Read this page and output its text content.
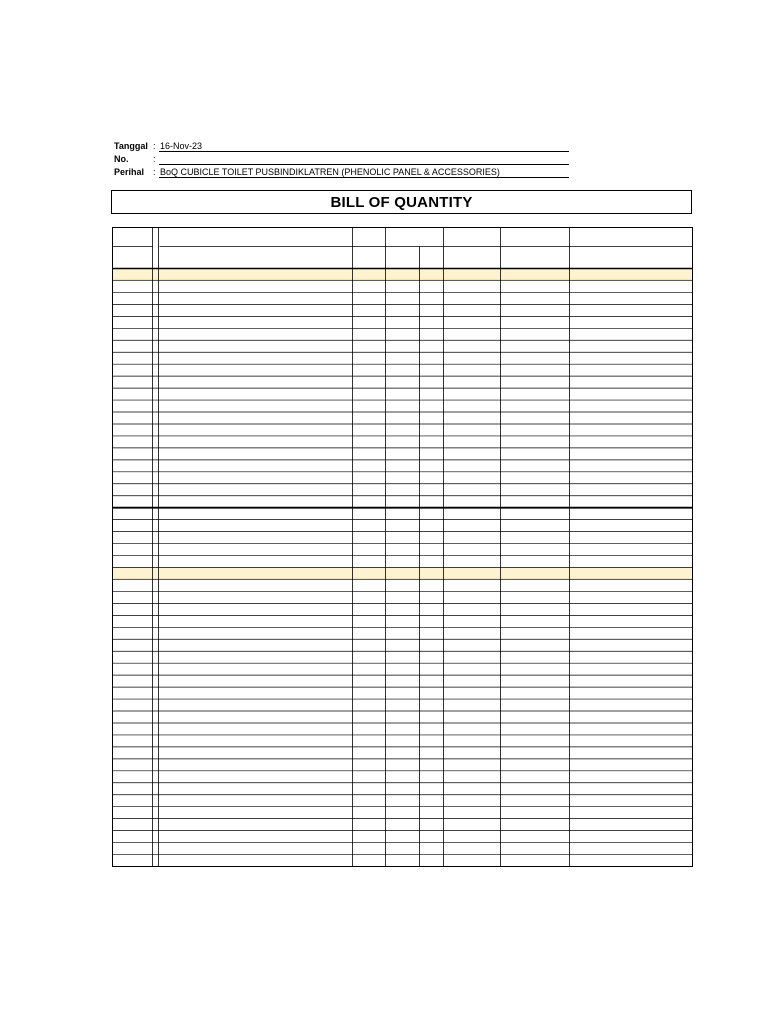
Tanggal : 16-Nov-23
No.	:
Perihal : BoQ CUBICLE TOILET PUSBINDIKLATREN (PHENOLIC PANEL & ACCESSORIES)
BILL OF QUANTITY
